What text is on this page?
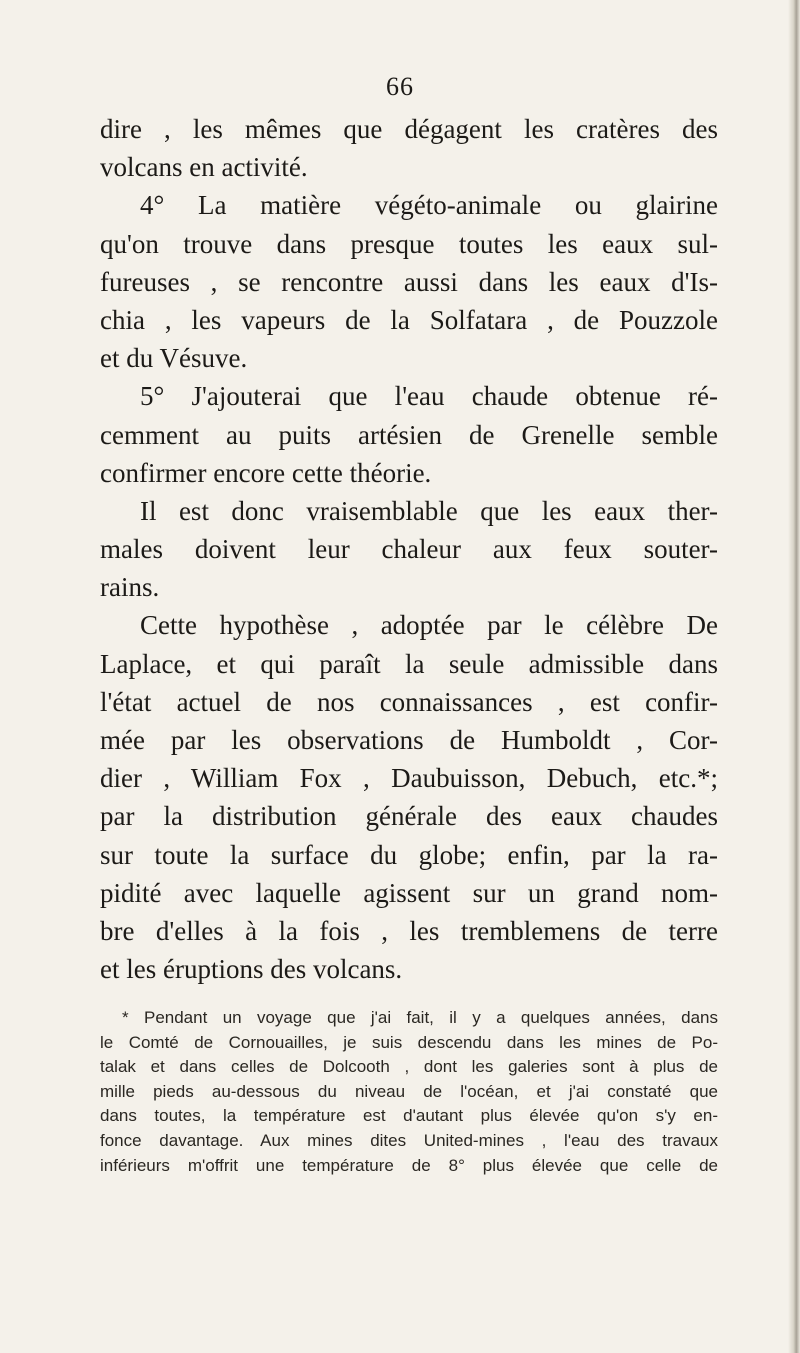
66
dire , les mêmes que dégagent les cratères des
volcans en activité.
4° La matière végéto-animale ou glairine
qu'on trouve dans presque toutes les eaux sul-
fureuses , se rencontre aussi dans les eaux d'Is-
chia , les vapeurs de la Solfatara , de Pouzzole
et du Vésuve.
5° J'ajouterai que l'eau chaude obtenue ré-
cemment au puits artésien de Grenelle semble
confirmer encore cette théorie.
Il est donc vraisemblable que les eaux ther-
males doivent leur chaleur aux feux souter-
rains.
Cette hypothèse , adoptée par le célèbre De
Laplace, et qui paraît la seule admissible dans
l'état actuel de nos connaissances , est confir-
mée par les observations de Humboldt , Cor-
dier , William Fox , Daubuisson, Debuch, etc.*;
par la distribution générale des eaux chaudes
sur toute la surface du globe; enfin, par la ra-
pidité avec laquelle agissent sur un grand nom-
bre d'elles à la fois , les tremblemens de terre
et les éruptions des volcans.
* Pendant un voyage que j'ai fait, il y a quelques années, dans
le Comté de Cornouailles, je suis descendu dans les mines de Po-
talak et dans celles de Dolcooth , dont les galeries sont à plus de
mille pieds au-dessous du niveau de l'océan, et j'ai constaté que
dans toutes, la température est d'autant plus élevée qu'on s'y en-
fonce davantage. Aux mines dites United-mines , l'eau des travaux
inférieurs m'offrit une température de 8° plus élevée que celle de
